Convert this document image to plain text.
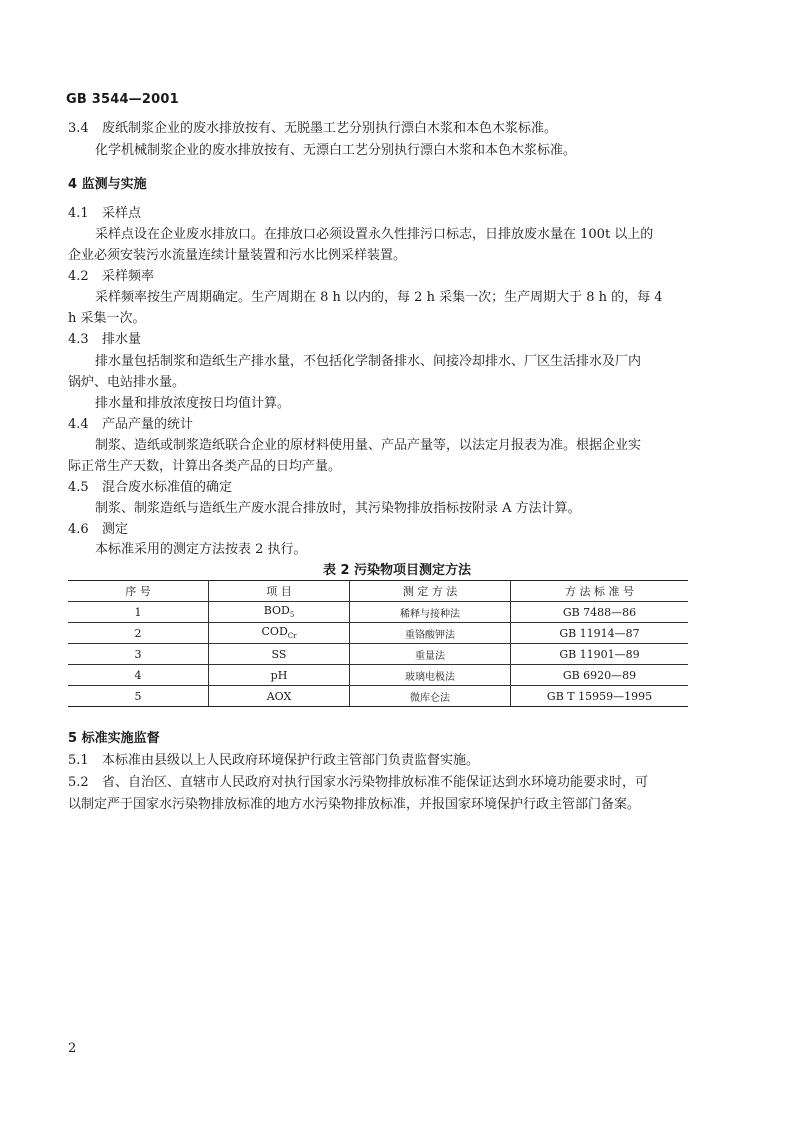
GB 3544—2001
3.4 废纸制浆企业的废水排放按有、无脱墨工艺分别执行漂白木浆和本色木浆标准。
化学机械制浆企业的废水排放按有、无漂白工艺分别执行漂白木浆和本色木浆标准。
4 监测与实施
4.1 采样点
采样点设在企业废水排放口。在排放口必须设置永久性排污口标志，日排放废水量在 100t 以上的
企业必须安装污水流量连续计量装置和污水比例采样装置。
4.2 采样频率
采样频率按生产周期确定。生产周期在 8 h 以内的，每 2 h 采集一次；生产周期大于 8 h 的，每 4
h 采集一次。
4.3 排水量
排水量包括制浆和造纸生产排水量，不包括化学制备排水、间接冷却排水、厂区生活排水及厂内
锅炉、电站排水量。
排水量和排放浓度按日均值计算。
4.4 产品产量的统计
制浆、造纸或制浆造纸联合企业的原材料使用量、产品产量等，以法定月报表为准。根据企业实
际正常生产天数，计算出各类产品的日均产量。
4.5 混合废水标准值的确定
制浆、制浆造纸与造纸生产废水混合排放时，其污染物排放指标按附录 A 方法计算。
4.6 测定
本标准采用的测定方法按表 2 执行。
表 2 污染物项目测定方法
序 号	项 目	测 定 方 法	方 法 标 准 号
1	$BOD_5$	稀释与接种法	GB 7488—86
2	$COD_{Cr}$	重铬酸钾法	GB 11914—87
3	SS	重量法	GB 11901—89
4	pH	玻璃电极法	GB 6920—89
5	AOX	微库仑法	GB T 15959—1995
5 标准实施监督
5.1 本标准由县级以上人民政府环境保护行政主管部门负责监督实施。
5.2 省、自治区、直辖市人民政府对执行国家水污染物排放标准不能保证达到水环境功能要求时，可
以制定严于国家水污染物排放标准的地方水污染物排放标准，并报国家环境保护行政主管部门备案。
2
